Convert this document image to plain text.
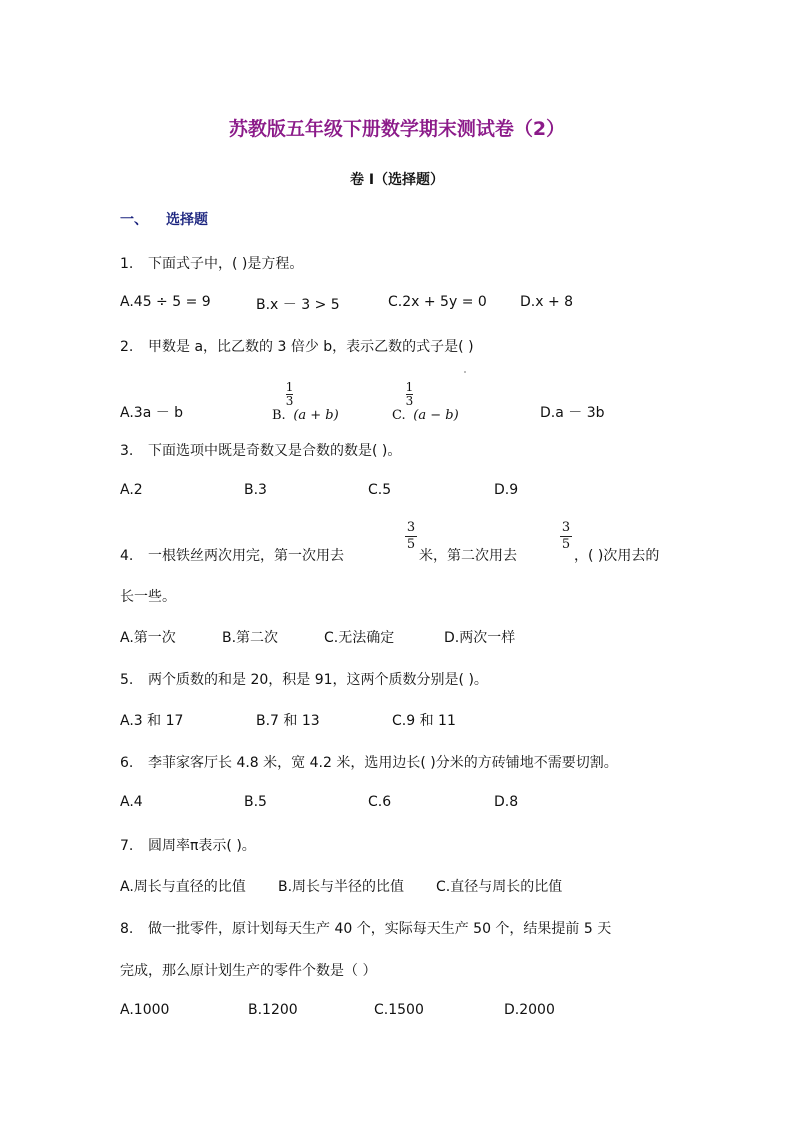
苏教版五年级下册数学期末测试卷（2）
卷 I（选择题）
一、 选择题
1. 下面式子中，( )是方程。
A.45 ÷ 5 = 9	B.x － 3 > 5	C.2x + 5y = 0 D.x + 8
2. 甲数是 a，比乙数的 3 倍少 b，表示乙数的式子是( )
A.3a － b	B.
$\frac{1}{3}$
(a + b)	C.
$\frac{1}{3}$
(a − b)	D.a － 3b
3. 下面选项中既是奇数又是合数的数是( )。
A.2	B.3	C.5	D.9
4. 一根铁丝两次用完，第一次用去
3
5
米，第二次用去
3
5
，( )次用去的
长一些。
A.第一次	B.第二次	C.无法确定	D.两次一样
5. 两个质数的和是 20，积是 91，这两个质数分别是( )。
A.3 和 17	B.7 和 13	C.9 和 11
6. 李菲家客厅长 4.8 米，宽 4.2 米，选用边长( )分米的方砖铺地不需要切割。
A.4	B.5	C.6	D.8
7. 圆周率π表示( )。
A.周长与直径的比值 B.周长与半径的比值 C.直径与周长的比值
8. 做一批零件，原计划每天生产 40 个，实际每天生产 50 个，结果提前 5 天
完成，那么原计划生产的零件个数是（ ）
A.1000	B.1200	C.1500	D.2000
